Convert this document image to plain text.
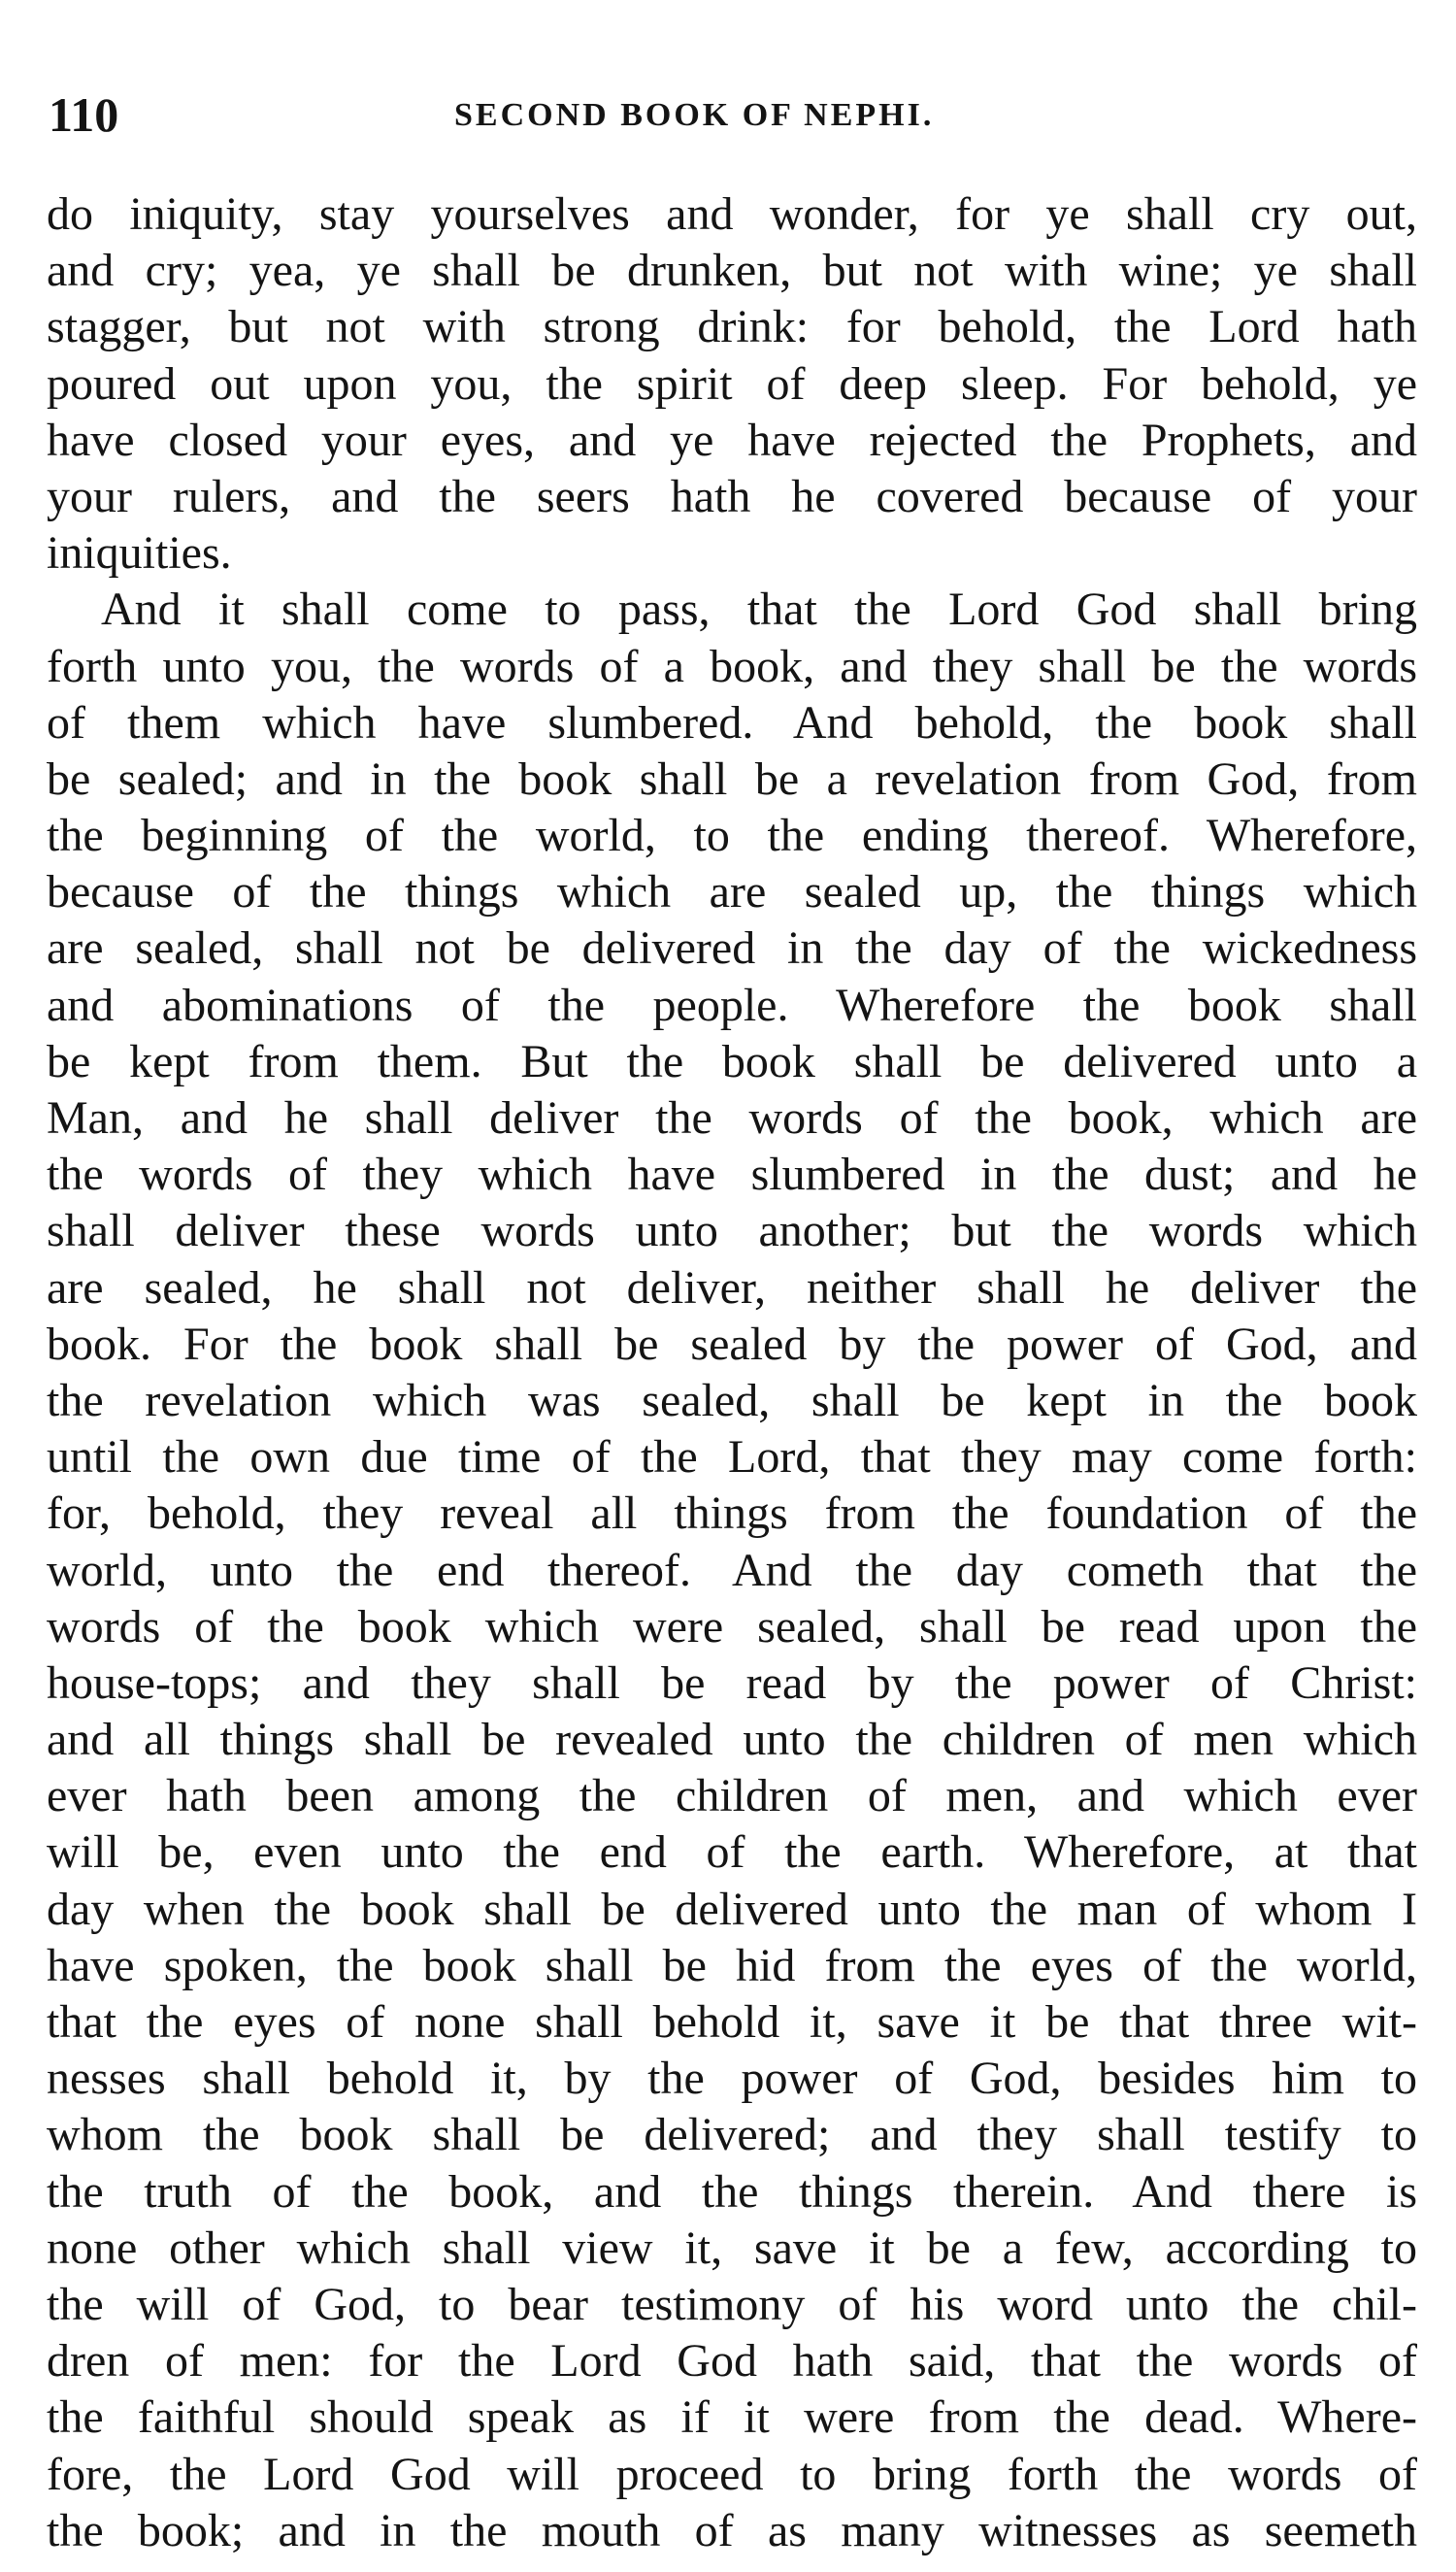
110	SECOND BOOK OF NEPHI.
do iniquity, stay yourselves and wonder, for ye shall cry out,
and cry; yea, ye shall be drunken, but not with wine; ye shall
stagger, but not with strong drink: for behold, the Lord hath
poured out upon you, the spirit of deep sleep. For behold, ye
have closed your eyes, and ye have rejected the Prophets, and
your rulers, and the seers hath he covered because of your
iniquities.
And it shall come to pass, that the Lord God shall bring
forth unto you, the words of a book, and they shall be the words
of them which have slumbered. And behold, the book shall
be sealed; and in the book shall be a revelation from God, from
the beginning of the world, to the ending thereof. Wherefore,
because of the things which are sealed up, the things which
are sealed, shall not be delivered in the day of the wickedness
and abominations of the people. Wherefore the book shall
be kept from them. But the book shall be delivered unto a
Man, and he shall deliver the words of the book, which are
the words of they which have slumbered in the dust; and he
shall deliver these words unto another; but the words which
are sealed, he shall not deliver, neither shall he deliver the
book. For the book shall be sealed by the power of God, and
the revelation which was sealed, shall be kept in the book
until the own due time of the Lord, that they may come forth:
for, behold, they reveal all things from the foundation of the
world, unto the end thereof. And the day cometh that the
words of the book which were sealed, shall be read upon the
house-tops; and they shall be read by the power of Christ:
and all things shall be revealed unto the children of men which
ever hath been among the children of men, and which ever
will be, even unto the end of the earth. Wherefore, at that
day when the book shall be delivered unto the man of whom I
have spoken, the book shall be hid from the eyes of the world,
that the eyes of none shall behold it, save it be that three wit-
nesses shall behold it, by the power of God, besides him to
whom the book shall be delivered; and they shall testify to
the truth of the book, and the things therein. And there is
none other which shall view it, save it be a few, according to
the will of God, to bear testimony of his word unto the chil-
dren of men: for the Lord God hath said, that the words of
the faithful should speak as if it were from the dead. Where-
fore, the Lord God will proceed to bring forth the words of
the book; and in the mouth of as many witnesses as seemeth
